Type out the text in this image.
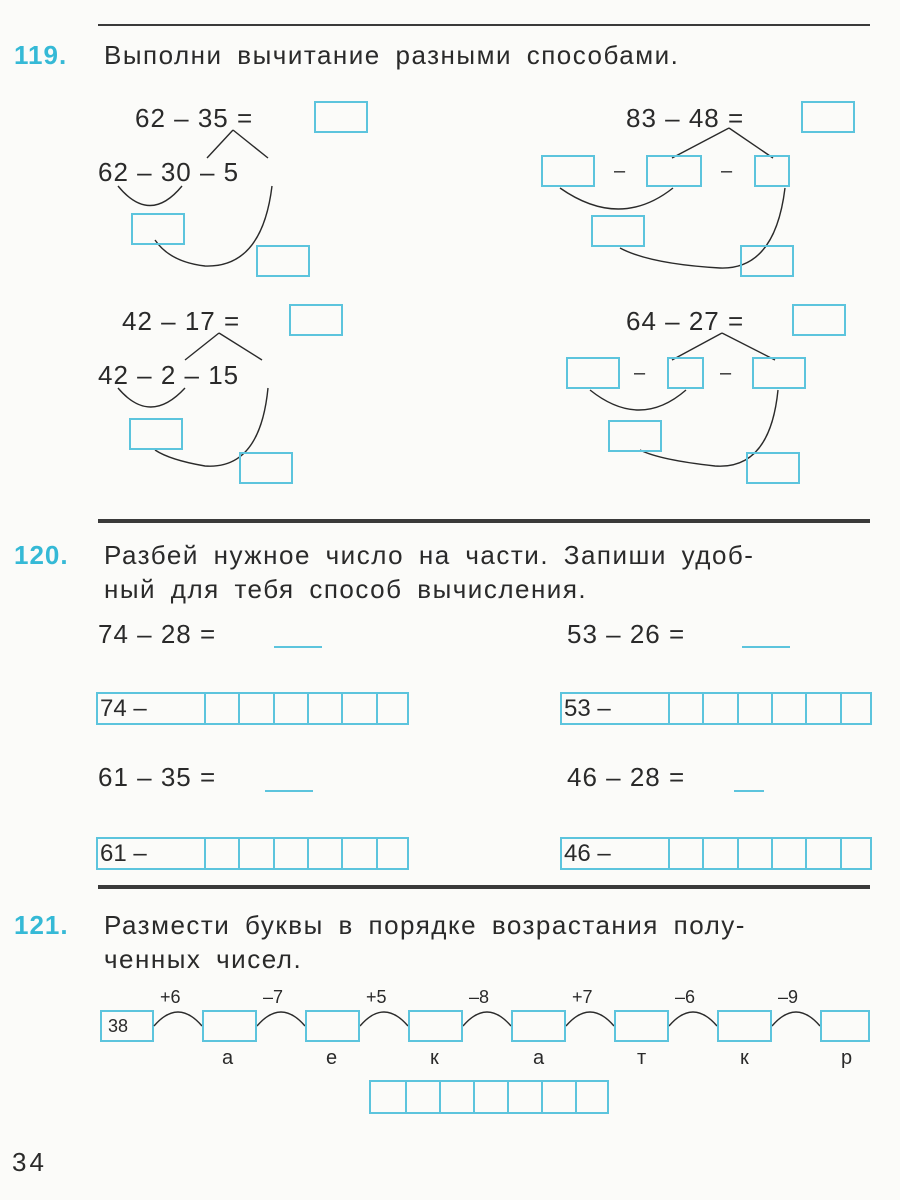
119. Выполни вычитание разными способами.
62 – 35 =
62 – 30 – 5
83 – 48 =
–	–
42 – 17 =
42 – 2 – 15
64 – 27 =
–	–
120. Разбей нужное число на части. Запиши удоб-
ный для тебя способ вычисления.
74 – 28 =
74 –
53 – 26 =
53 –
61 – 35 =
61 –
46 – 28 =
46 –
121. Размести буквы в порядке возрастания полу-
ченных чисел.
38
+6	–7	+5	–8	+7	–6	–9
а	е	к	а	т	к	р
34
